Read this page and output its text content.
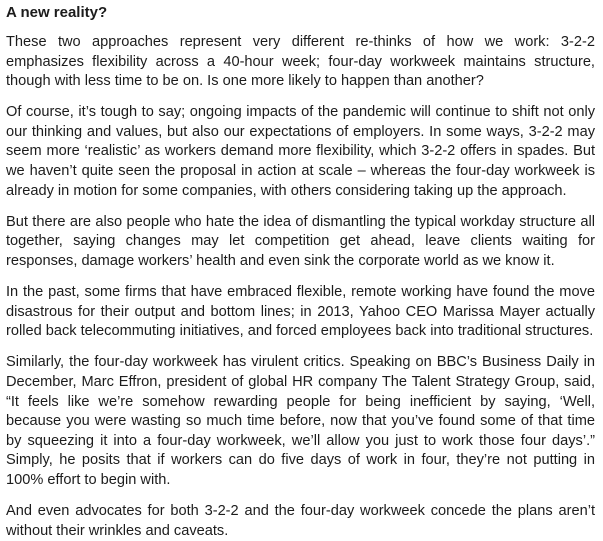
A new reality?

These two approaches represent very different re-thinks of how we work: 3-2-2 emphasizes flexibility across a 40-hour week; four-day workweek maintains structure, though with less time to be on. Is one more likely to happen than another?

Of course, it’s tough to say; ongoing impacts of the pandemic will continue to shift not only our thinking and values, but also our expectations of employers. In some ways, 3-2-2 may seem more ‘realistic’ as workers demand more flexibility, which 3-2-2 offers in spades. But we haven’t quite seen the proposal in action at scale – whereas the four-day workweek is already in motion for some companies, with others considering taking up the approach.

But there are also people who hate the idea of dismantling the typical workday structure all together, saying changes may let competition get ahead, leave clients waiting for responses, damage workers’ health and even sink the corporate world as we know it.

In the past, some firms that have embraced flexible, remote working have found the move disastrous for their output and bottom lines; in 2013, Yahoo CEO Marissa Mayer actually rolled back telecommuting initiatives, and forced employees back into traditional structures.

Similarly, the four-day workweek has virulent critics. Speaking on BBC’s Business Daily in December, Marc Effron, president of global HR company The Talent Strategy Group, said, “It feels like we’re somehow rewarding people for being inefficient by saying, ‘Well, because you were wasting so much time before, now that you’ve found some of that time by squeezing it into a four-day workweek, we’ll allow you just to work those four days’.” Simply, he posits that if workers can do five days of work in four, they’re not putting in 100% effort to begin with.

And even advocates for both 3-2-2 and the four-day workweek concede the plans aren’t without their wrinkles and caveats.
